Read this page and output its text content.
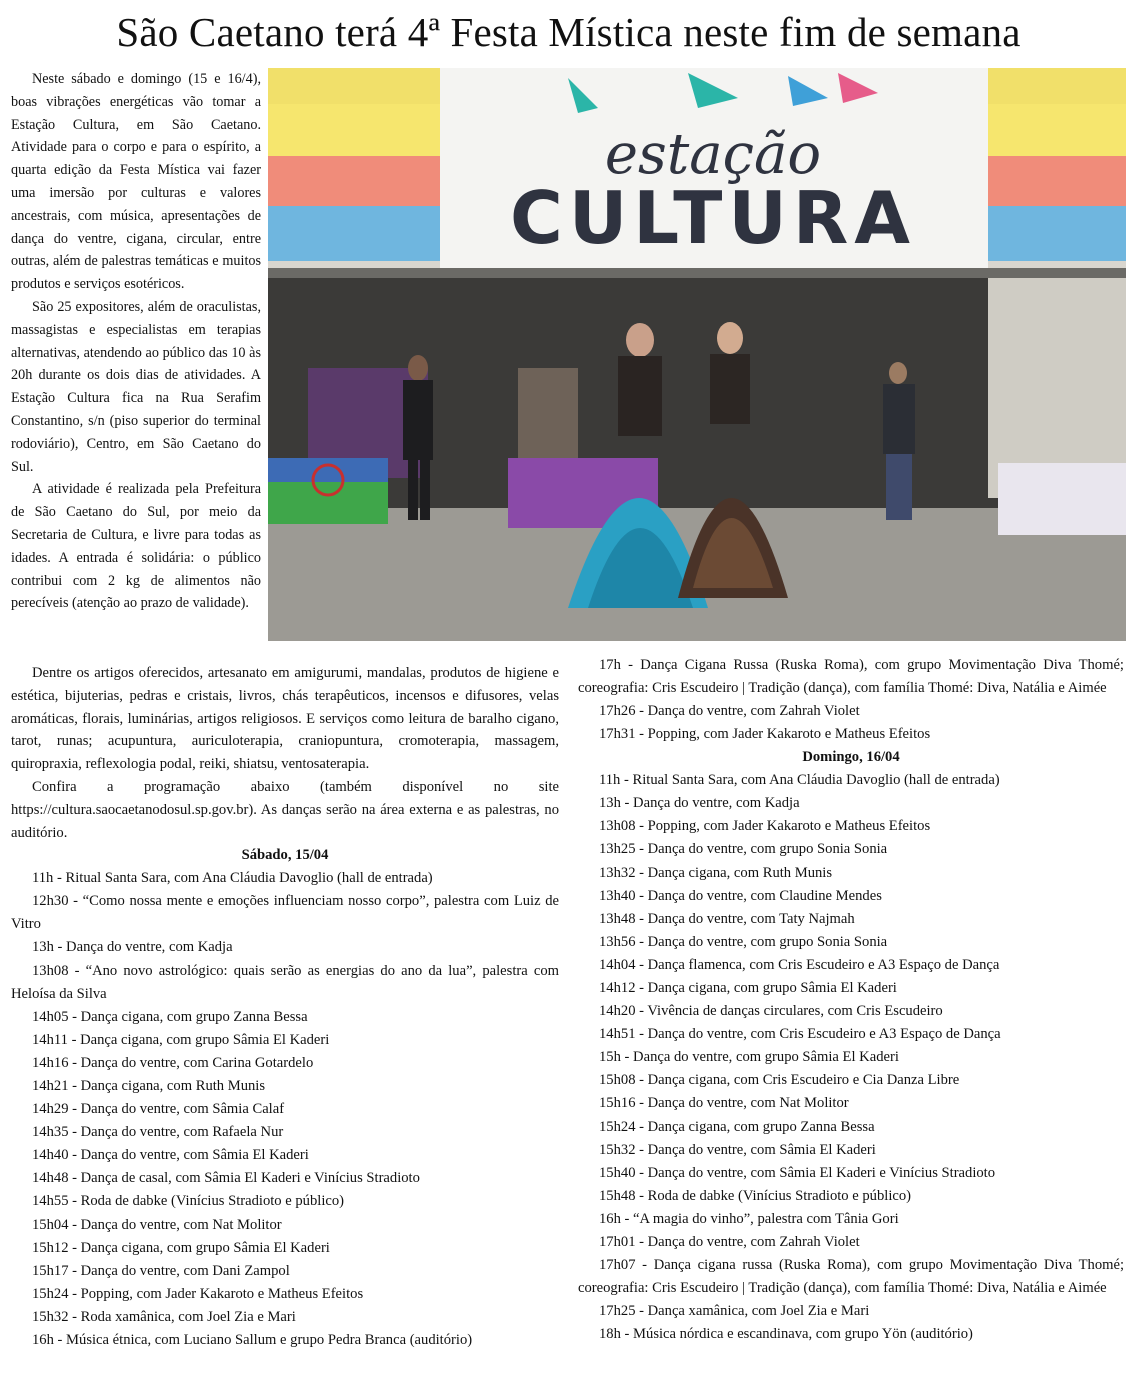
São Caetano terá 4ª Festa Mística neste fim de semana

Neste sábado e domingo (15 e 16/4), boas vibrações energéticas vão tomar a Estação Cultura, em São Caetano. Atividade para o corpo e para o espírito, a quarta edição da Festa Mística vai fazer uma imersão por culturas e valores ancestrais, com música, apresentações de dança do ventre, cigana, circular, entre outras, além de palestras temáticas e muitos produtos e serviços esotéricos.

São 25 expositores, além de oraculistas, massagistas e especialistas em terapias alternativas, atendendo ao público das 10 às 20h durante os dois dias de atividades. A Estação Cultura fica na Rua Serafim Constantino, s/n (piso superior do terminal rodoviário), Centro, em São Caetano do Sul.

A atividade é realizada pela Prefeitura de São Caetano do Sul, por meio da Secretaria de Cultura, e livre para todas as idades. A entrada é solidária: o público contribui com 2 kg de alimentos não perecíveis (atenção ao prazo de validade).

estação
CULTURA

Dentre os artigos oferecidos, artesanato em amigurumi, mandalas, produtos de higiene e estética, bijuterias, pedras e cristais, livros, chás terapêuticos, incensos e difusores, velas aromáticas, florais, luminárias, artigos religiosos. E serviços como leitura de baralho cigano, tarot, runas; acupuntura, auriculoterapia, craniopuntura, cromoterapia, massagem, quiropraxia, reflexologia podal, reiki, shiatsu, ventosaterapia.

Confira a programação abaixo (também disponível no site https://cultura.saocaetanodosul.sp.gov.br). As danças serão na área externa e as palestras, no auditório.

Sábado, 15/04

11h - Ritual Santa Sara, com Ana Cláudia Davoglio (hall de entrada)

12h30 - “Como nossa mente e emoções influenciam nosso corpo”, palestra com Luiz de Vitro

13h - Dança do ventre, com Kadja

13h08 - “Ano novo astrológico: quais serão as energias do ano da lua”, palestra com Heloísa da Silva

14h05 - Dança cigana, com grupo Zanna Bessa

14h11 - Dança cigana, com grupo Sâmia El Kaderi

14h16 - Dança do ventre, com Carina Gotardelo

14h21 - Dança cigana, com Ruth Munis

14h29 - Dança do ventre, com Sâmia Calaf

14h35 - Dança do ventre, com Rafaela Nur

14h40 - Dança do ventre, com Sâmia El Kaderi

14h48 - Dança de casal, com Sâmia El Kaderi e Vinícius Stradioto

14h55 - Roda de dabke (Vinícius Stradioto e público)

15h04 - Dança do ventre, com Nat Molitor

15h12 - Dança cigana, com grupo Sâmia El Kaderi

15h17 - Dança do ventre, com Dani Zampol

15h24 - Popping, com Jader Kakaroto e Matheus Efeitos

15h32 - Roda xamânica, com Joel Zia e Mari

16h - Música étnica, com Luciano Sallum e grupo Pedra Branca (auditório)

17h - Dança Cigana Russa (Ruska Roma), com grupo Movimentação Diva Thomé; coreografia: Cris Escudeiro | Tradição (dança), com família Thomé: Diva, Natália e Aimée

17h26 - Dança do ventre, com Zahrah Violet

17h31 - Popping, com Jader Kakaroto e Matheus Efeitos

Domingo, 16/04

11h - Ritual Santa Sara, com Ana Cláudia Davoglio (hall de entrada)

13h - Dança do ventre, com Kadja

13h08 - Popping, com Jader Kakaroto e Matheus Efeitos

13h25 - Dança do ventre, com grupo Sonia Sonia

13h32 - Dança cigana, com Ruth Munis

13h40 - Dança do ventre, com Claudine Mendes

13h48 - Dança do ventre, com Taty Najmah

13h56 - Dança do ventre, com grupo Sonia Sonia

14h04 - Dança flamenca, com Cris Escudeiro e A3 Espaço de Dança

14h12 - Dança cigana, com grupo Sâmia El Kaderi

14h20 - Vivência de danças circulares, com Cris Escudeiro

14h51 - Dança do ventre, com Cris Escudeiro e A3 Espaço de Dança

15h - Dança do ventre, com grupo Sâmia El Kaderi

15h08 - Dança cigana, com Cris Escudeiro e Cia Danza Libre

15h16 - Dança do ventre, com Nat Molitor

15h24 - Dança cigana, com grupo Zanna Bessa

15h32 - Dança do ventre, com Sâmia El Kaderi

15h40 - Dança do ventre, com Sâmia El Kaderi e Vinícius Stradioto

15h48 - Roda de dabke (Vinícius Stradioto e público)

16h - “A magia do vinho”, palestra com Tânia Gori

17h01 - Dança do ventre, com Zahrah Violet

17h07 - Dança cigana russa (Ruska Roma), com grupo Movimentação Diva Thomé; coreografia: Cris Escudeiro | Tradição (dança), com família Thomé: Diva, Natália e Aimée

17h25 - Dança xamânica, com Joel Zia e Mari

18h - Música nórdica e escandinava, com grupo Yön (auditório)
